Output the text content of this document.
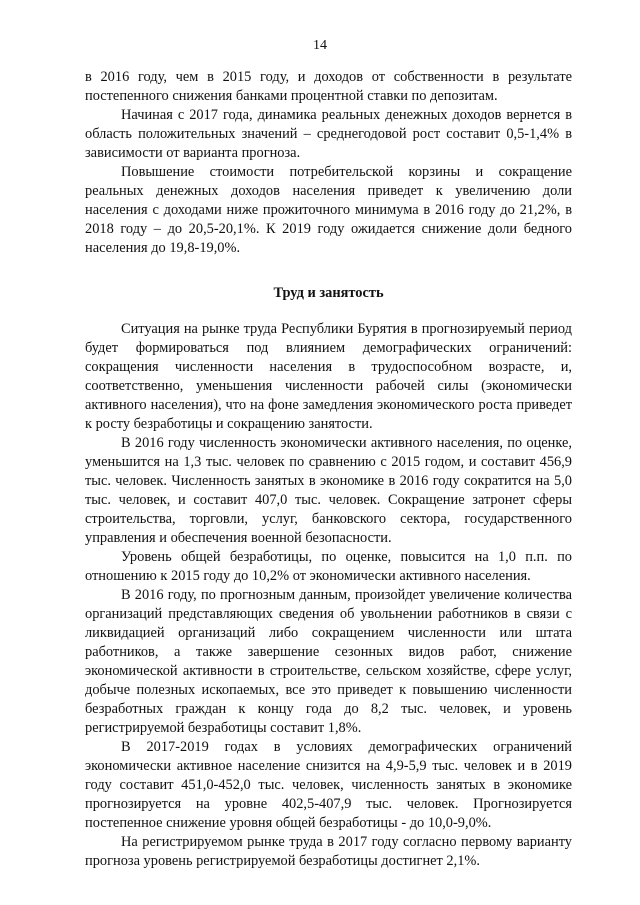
14

в 2016 году, чем в 2015 году, и доходов от собственности в результате постепенного снижения банками процентной ставки по депозитам.

Начиная с 2017 года, динамика реальных денежных доходов вернется в область положительных значений – среднегодовой рост составит 0,5-1,4% в зависимости от варианта прогноза.

Повышение стоимости потребительской корзины и сокращение реальных денежных доходов населения приведет к увеличению доли населения с доходами ниже прожиточного минимума в 2016 году до 21,2%, в 2018 году – до 20,5-20,1%. К 2019 году ожидается снижение доли бедного населения до 19,8-19,0%.

Труд и занятость

Ситуация на рынке труда Республики Бурятия в прогнозируемый период будет формироваться под влиянием демографических ограничений: сокращения численности населения в трудоспособном возрасте, и, соответственно, уменьшения численности рабочей силы (экономически активного населения), что на фоне замедления экономического роста приведет к росту безработицы и сокращению занятости.

В 2016 году численность экономически активного населения, по оценке, уменьшится на 1,3 тыс. человек по сравнению с 2015 годом, и составит 456,9 тыс. человек. Численность занятых в экономике в 2016 году сократится на 5,0 тыс. человек, и составит 407,0 тыс. человек. Сокращение затронет сферы строительства, торговли, услуг, банковского сектора, государственного управления и обеспечения военной безопасности.

Уровень общей безработицы, по оценке, повысится на 1,0 п.п. по отношению к 2015 году до 10,2% от экономически активного населения.

В 2016 году, по прогнозным данным, произойдет увеличение количества организаций представляющих сведения об увольнении работников в связи с ликвидацией организаций либо сокращением численности или штата работников, а также завершение сезонных видов работ, снижение экономической активности в строительстве, сельском хозяйстве, сфере услуг, добыче полезных ископаемых, все это приведет к повышению численности безработных граждан к концу года до 8,2 тыс. человек, и уровень регистрируемой безработицы составит 1,8%.

В 2017-2019 годах в условиях демографических ограничений экономически активное население снизится на 4,9-5,9 тыс. человек и в 2019 году составит 451,0-452,0 тыс. человек, численность занятых в экономике прогнозируется на уровне 402,5-407,9 тыс. человек. Прогнозируется постепенное снижение уровня общей безработицы - до 10,0-9,0%.

На регистрируемом рынке труда в 2017 году согласно первому варианту прогноза уровень регистрируемой безработицы достигнет 2,1%.
